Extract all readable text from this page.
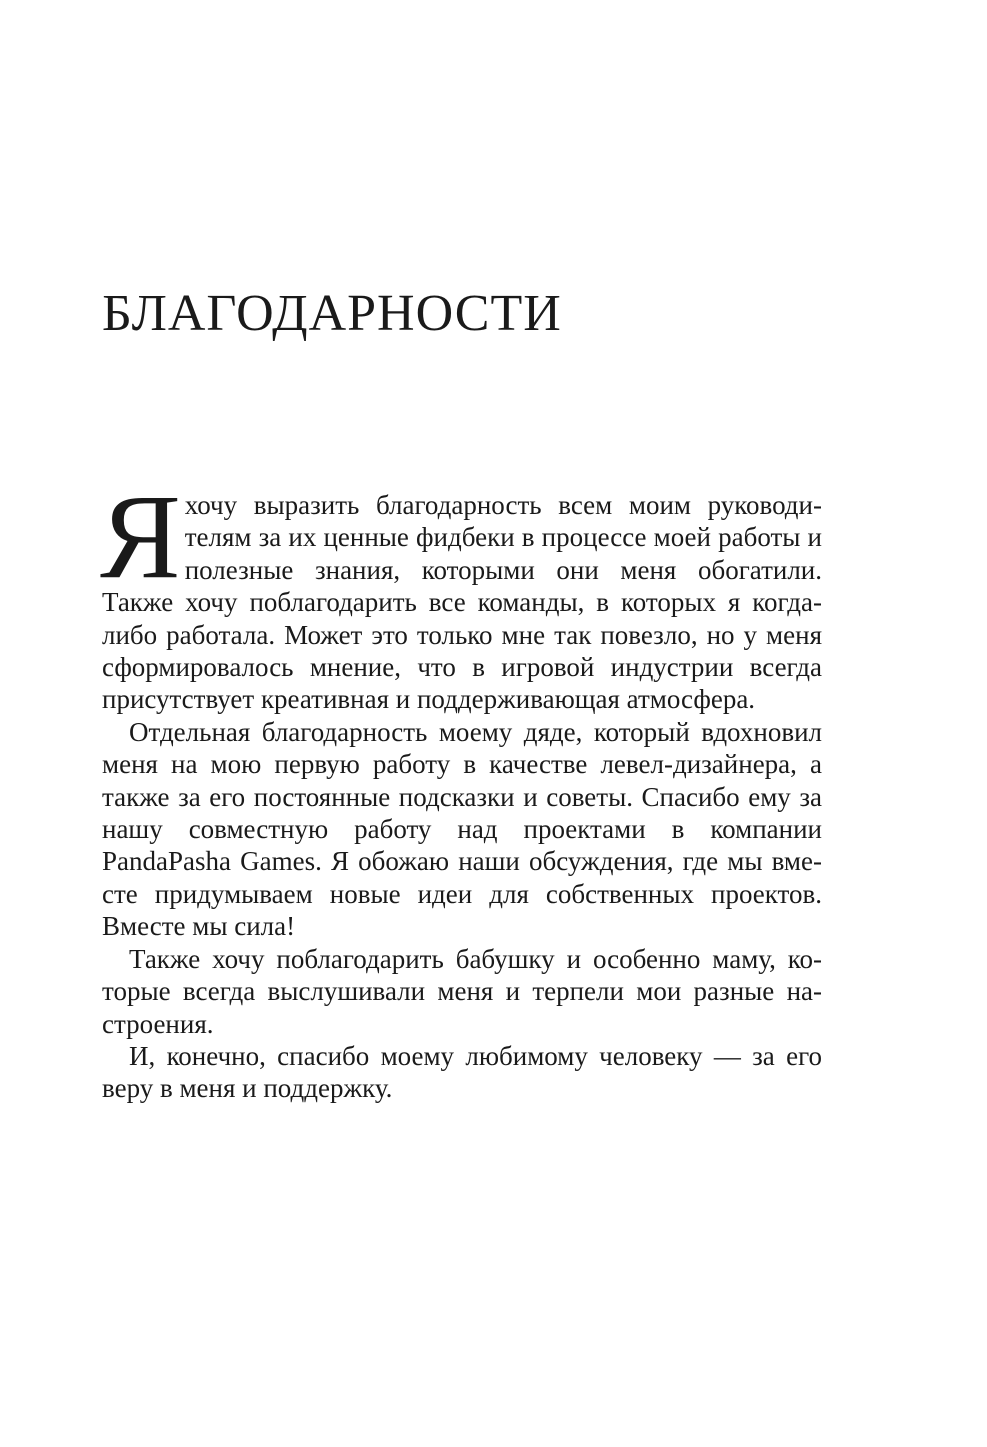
БЛАГОДАРНОСТИ

Яхочу выразить благодарность всем моим руководителям за их ценные фидбеки в процессе моей работы и полезные знания, которыми они меня обогатили. Также хочу поблагодарить все команды, в которых я когда-либо работала. Может это только мне так повезло, но у меня сформировалось мнение, что в игровой индустрии всегда присутствует креативная и поддерживающая атмосфера.

Отдельная благодарность моему дяде, который вдохновил меня на мою первую работу в качестве левел-дизайнера, а также за его постоянные подсказки и советы. Спасибо ему за нашу совместную работу над проектами в компании PandaPasha Games. Я обожаю наши обсуждения, где мы вместе придумываем новые идеи для собственных проектов. Вместе мы сила!

Также хочу поблагодарить бабушку и особенно маму, которые всегда выслушивали меня и терпели мои разные настроения.

И, конечно, спасибо моему любимому человеку — за его веру в меня и поддержку.
